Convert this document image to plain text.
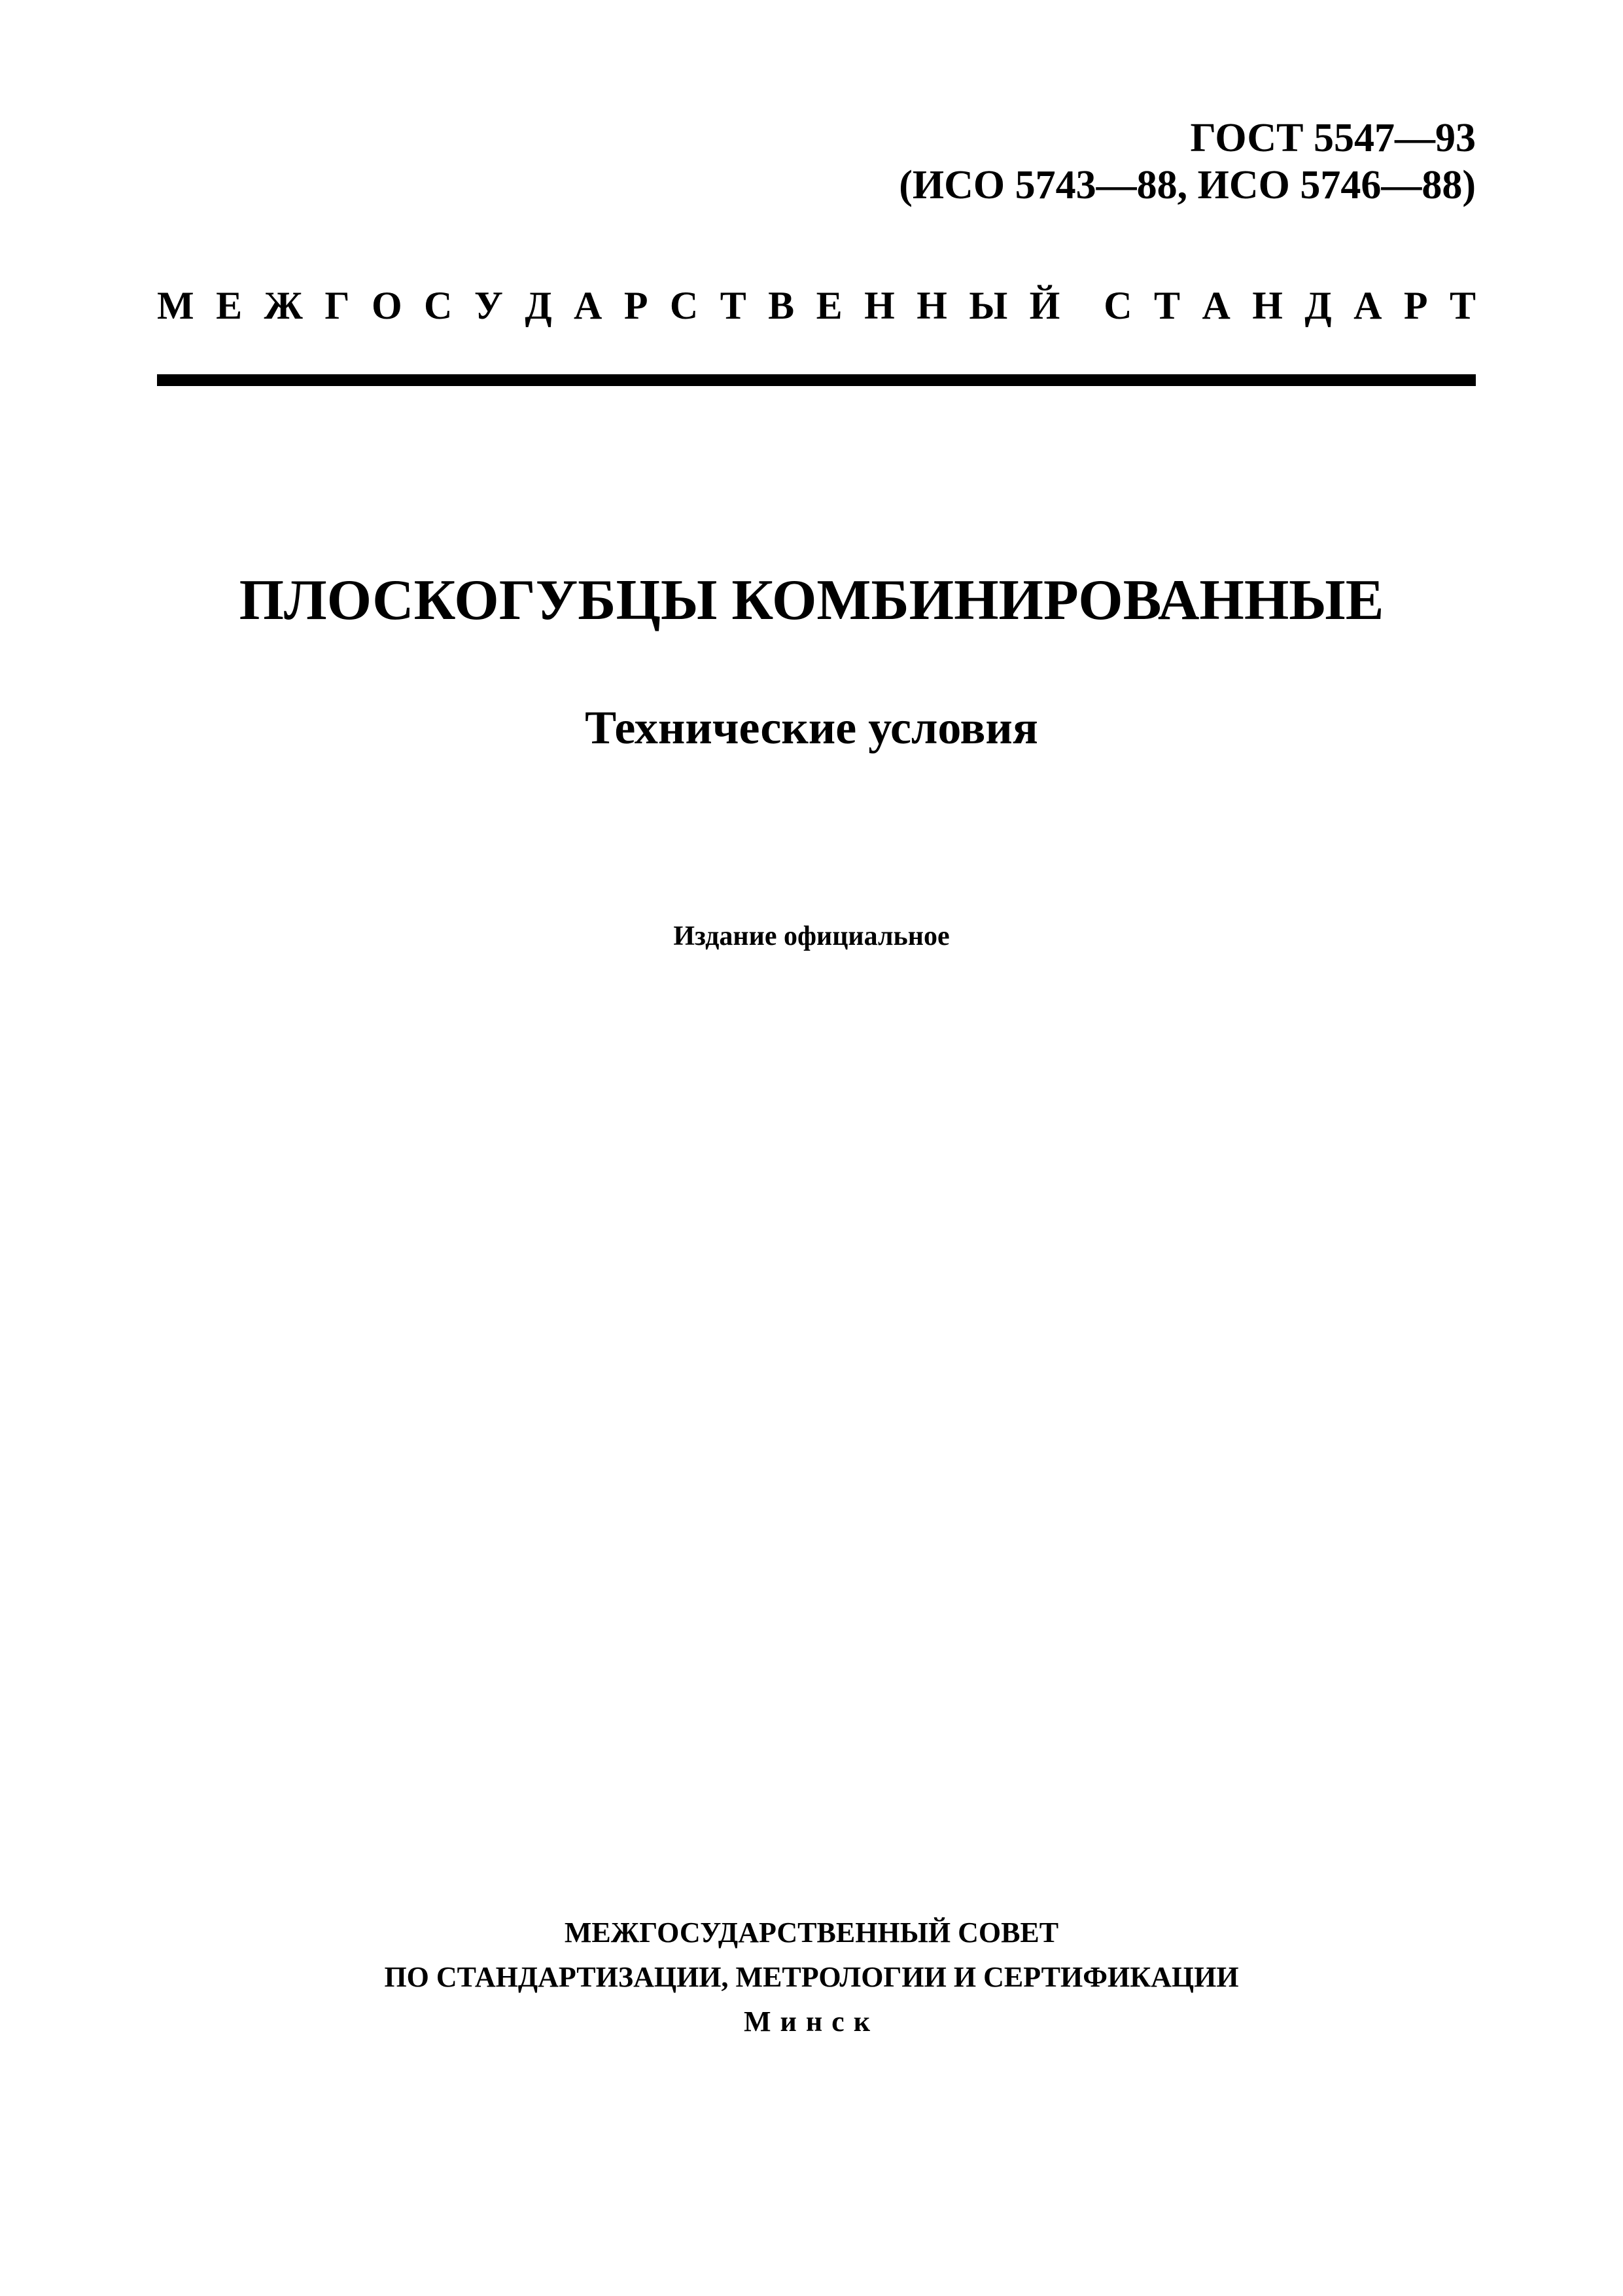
ГОСТ 5547—93
(ИСО 5743—88, ИСО 5746—88)
М Е Ж Г О С У Д А Р С Т В Е Н Н Ы Й С Т А Н Д А Р Т
ПЛОСКОГУБЦЫ КОМБИНИРОВАННЫЕ
Технические условия
Издание официальное
МЕЖГОСУДАРСТВЕННЫЙ СОВЕТ
ПО СТАНДАРТИЗАЦИИ, МЕТРОЛОГИИ И СЕРТИФИКАЦИИ
Минск
